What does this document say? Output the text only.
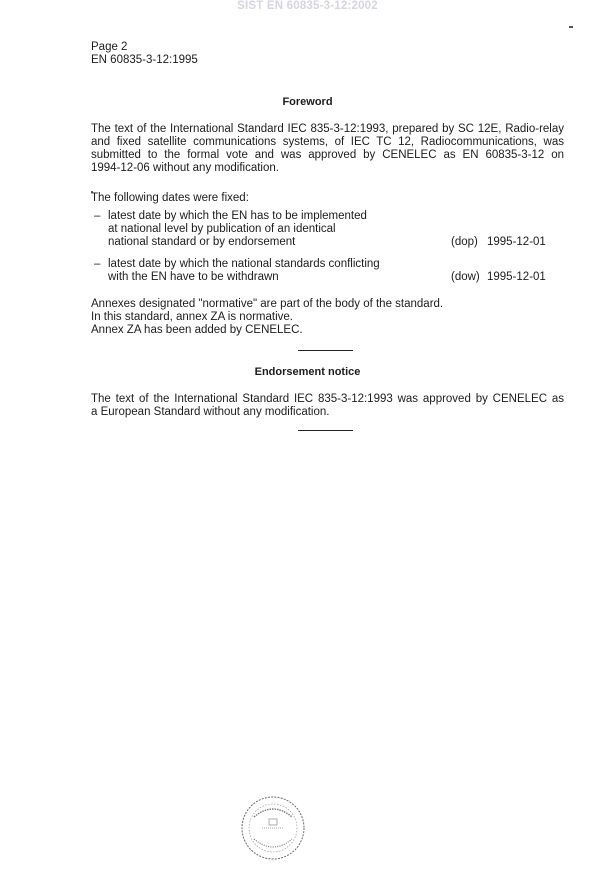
SIST EN 60835-3-12:2002
Page 2
EN 60835-3-12:1995
Foreword
The text of the International Standard IEC 835-3-12:1993, prepared by SC 12E, Radio-relay
and fixed satellite communications systems, of IEC TC 12, Radiocommunications, was
submitted to the formal vote and was approved by CENELEC as EN 60835-3-12 on
1994-12-06 without any modification.
The following dates were fixed:
– latest date by which the EN has to be implemented
at national level by publication of an identical
national standard or by endorsement	(dop) 1995-12-01
– latest date by which the national standards conflicting
with the EN have to be withdrawn	(dow) 1995-12-01
Annexes designated "normative" are part of the body of the standard.
In this standard, annex ZA is normative.
Annex ZA has been added by CENELEC.
Endorsement notice
The text of the International Standard IEC 835-3-12:1993 was approved by CENELEC as
a European Standard without any modification.
